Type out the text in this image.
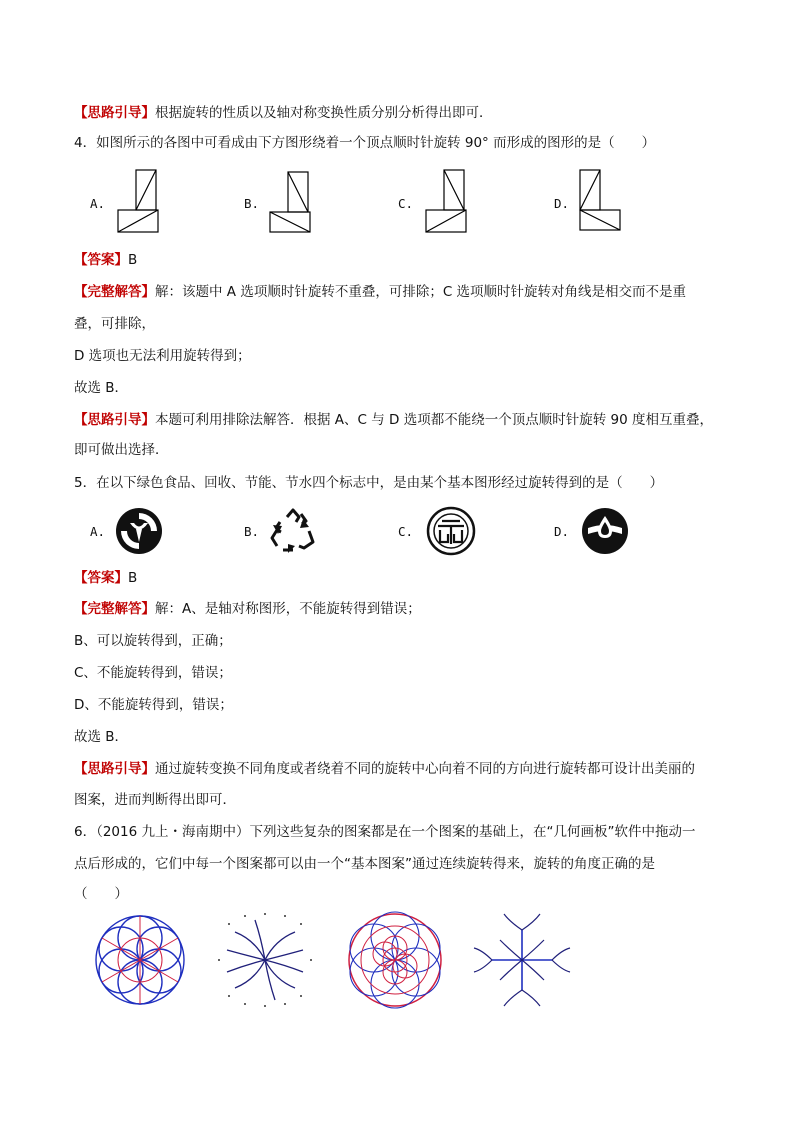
【思路引导】根据旋转的性质以及轴对称变换性质分别分析得出即可．
4．如图所示的各图中可看成由下方图形绕着一个顶点顺时针旋转 90° 而形成的图形的是（　　）
A.	B.	C.	D.
【答案】B
【完整解答】解：该题中 A 选项顺时针旋转不重叠，可排除；C 选项顺时针旋转对角线是相交而不是重
叠，可排除，
D 选项也无法利用旋转得到；
故选 B．
【思路引导】本题可利用排除法解答．根据 A、C 与 D 选项都不能绕一个顶点顺时针旋转 90 度相互重叠，
即可做出选择．
5．在以下绿色食品、回收、节能、节水四个标志中，是由某个基本图形经过旋转得到的是（　　）
A.	B.	C.	D.
【答案】B
【完整解答】解：A、是轴对称图形，不能旋转得到错误；
B、可以旋转得到，正确；
C、不能旋转得到，错误；
D、不能旋转得到，错误；
故选 B．
【思路引导】通过旋转变换不同角度或者绕着不同的旋转中心向着不同的方向进行旋转都可设计出美丽的
图案，进而判断得出即可．
6．（2016 九上・海南期中）下列这些复杂的图案都是在一个图案的基础上，在“几何画板”软件中拖动一
点后形成的，它们中每一个图案都可以由一个“基本图案”通过连续旋转得来，旋转的角度正确的是
（　　）
